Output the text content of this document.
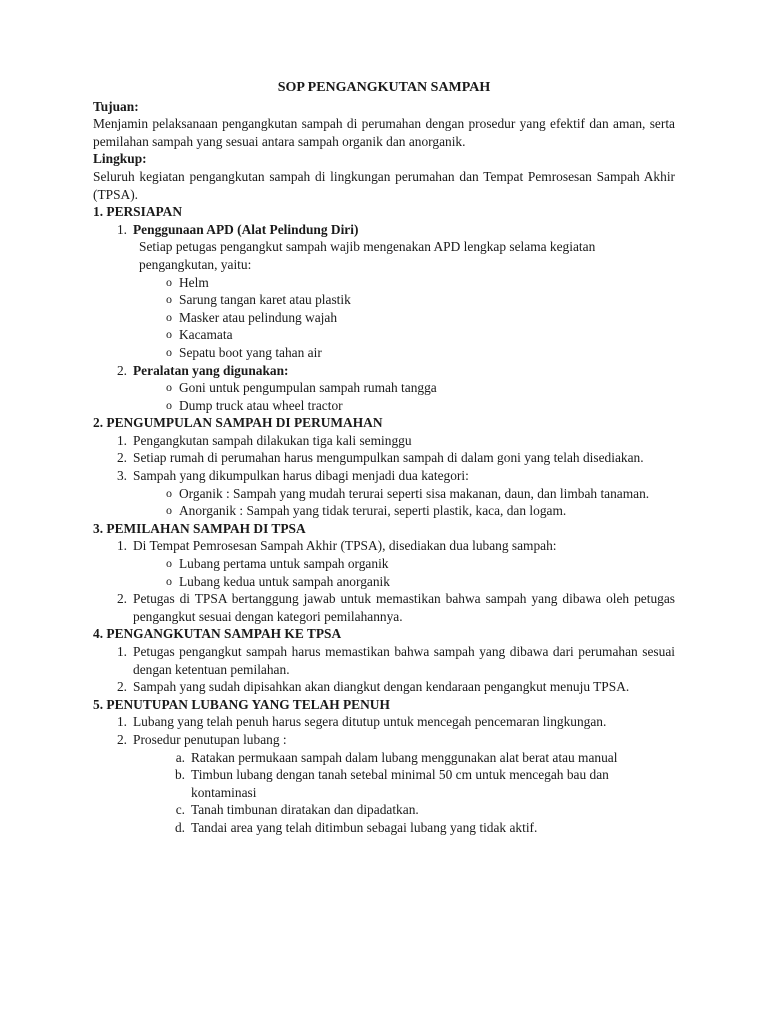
SOP PENGANGKUTAN SAMPAH
Tujuan:
Menjamin pelaksanaan pengangkutan sampah di perumahan dengan prosedur yang efektif dan aman, serta pemilahan sampah yang sesuai antara sampah organik dan anorganik.
Lingkup:
Seluruh kegiatan pengangkutan sampah di lingkungan perumahan dan Tempat Pemrosesan Sampah Akhir (TPSA).
1. PERSIAPAN
1. Penggunaan APD (Alat Pelindung Diri)
Setiap petugas pengangkut sampah wajib mengenakan APD lengkap selama kegiatan pengangkutan, yaitu:
o Helm
o Sarung tangan karet atau plastik
o Masker atau pelindung wajah
o Kacamata
o Sepatu boot yang tahan air
2. Peralatan yang digunakan:
o Goni untuk pengumpulan sampah rumah tangga
o Dump truck atau wheel tractor
2. PENGUMPULAN SAMPAH DI PERUMAHAN
1. Pengangkutan sampah dilakukan tiga kali seminggu
2. Setiap rumah di perumahan harus mengumpulkan sampah di dalam goni yang telah disediakan.
3. Sampah yang dikumpulkan harus dibagi menjadi dua kategori:
o Organik : Sampah yang mudah terurai seperti sisa makanan, daun, dan limbah tanaman.
o Anorganik : Sampah yang tidak terurai, seperti plastik, kaca, dan logam.
3. PEMILAHAN SAMPAH DI TPSA
1. Di Tempat Pemrosesan Sampah Akhir (TPSA), disediakan dua lubang sampah:
o Lubang pertama untuk sampah organik
o Lubang kedua untuk sampah anorganik
2. Petugas di TPSA bertanggung jawab untuk memastikan bahwa sampah yang dibawa oleh petugas pengangkut sesuai dengan kategori pemilahannya.
4. PENGANGKUTAN SAMPAH KE TPSA
1. Petugas pengangkut sampah harus memastikan bahwa sampah yang dibawa dari perumahan sesuai dengan ketentuan pemilahan.
2. Sampah yang sudah dipisahkan akan diangkut dengan kendaraan pengangkut menuju TPSA.
5. PENUTUPAN LUBANG YANG TELAH PENUH
1. Lubang yang telah penuh harus segera ditutup untuk mencegah pencemaran lingkungan.
2. Prosedur penutupan lubang :
a. Ratakan permukaan sampah dalam lubang menggunakan alat berat atau manual
b. Timbun lubang dengan tanah setebal minimal 50 cm untuk mencegah bau dan kontaminasi
c. Tanah timbunan diratakan dan dipadatkan.
d. Tandai area yang telah ditimbun sebagai lubang yang tidak aktif.
